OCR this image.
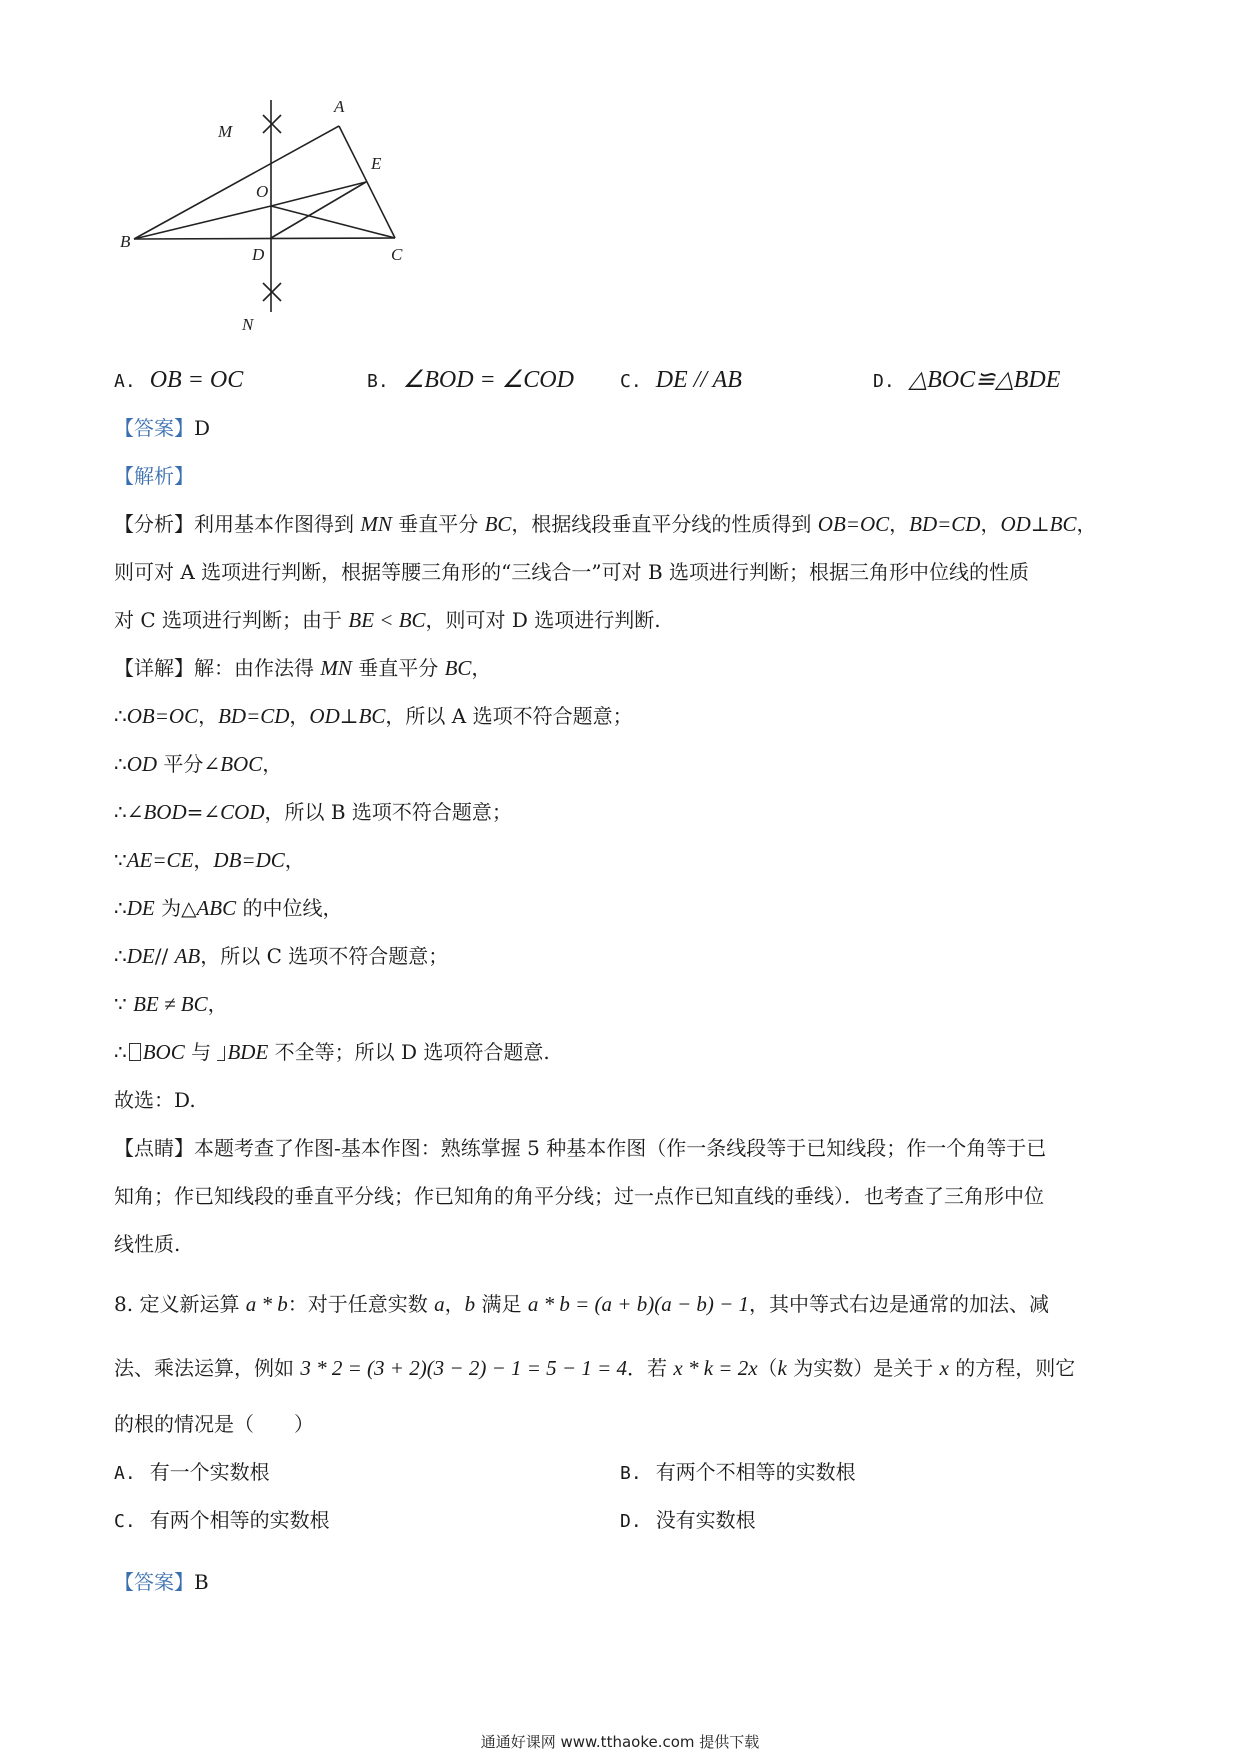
A
M
E
O
B
D	C
N
A. OB = OC	B. ∠BOD = ∠COD	C. DE // AB	D. △BOC≌△BDE
【答案】D
【解析】
【分析】利用基本作图得到 MN 垂直平分 BC，根据线段垂直平分线的性质得到 OB=OC，BD=CD，OD⊥BC，
则可对 A 选项进行判断，根据等腰三角形的“三线合一”可对 B 选项进行判断；根据三角形中位线的性质
对 C 选项进行判断；由于 BE < BC，则可对 D 选项进行判断.
【详解】解：由作法得 MN 垂直平分 BC，
∴OB=OC，BD=CD，OD⊥BC，所以 A 选项不符合题意；
∴OD 平分∠BOC，
∴∠BOD=∠COD，所以 B 选项不符合题意；
∵AE=CE，DB=DC，
∴DE 为△ABC 的中位线，
∴DE// AB，所以 C 选项不符合题意；
∵ BE ≠ BC，
∴ BOC 与 BDE 不全等；所以 D 选项符合题意.
故选：D.
【点睛】本题考查了作图-基本作图：熟练掌握 5 种基本作图（作一条线段等于已知线段；作一个角等于已
知角；作已知线段的垂直平分线；作已知角的角平分线；过一点作已知直线的垂线）．也考查了三角形中位
线性质.
8. 定义新运算 a * b：对于任意实数 a，b 满足 a * b = (a + b)(a − b) − 1，其中等式右边是通常的加法、减
法、乘法运算，例如 3 * 2 = (3 + 2)(3 − 2) − 1 = 5 − 1 = 4．若 x * k = 2x（k 为实数）是关于 x 的方程，则它
的根的情况是（　　）
A. 有一个实数根	B. 有两个不相等的实数根
C. 有两个相等的实数根	D. 没有实数根
【答案】B
通通好课网 www.tthaoke.com 提供下载
